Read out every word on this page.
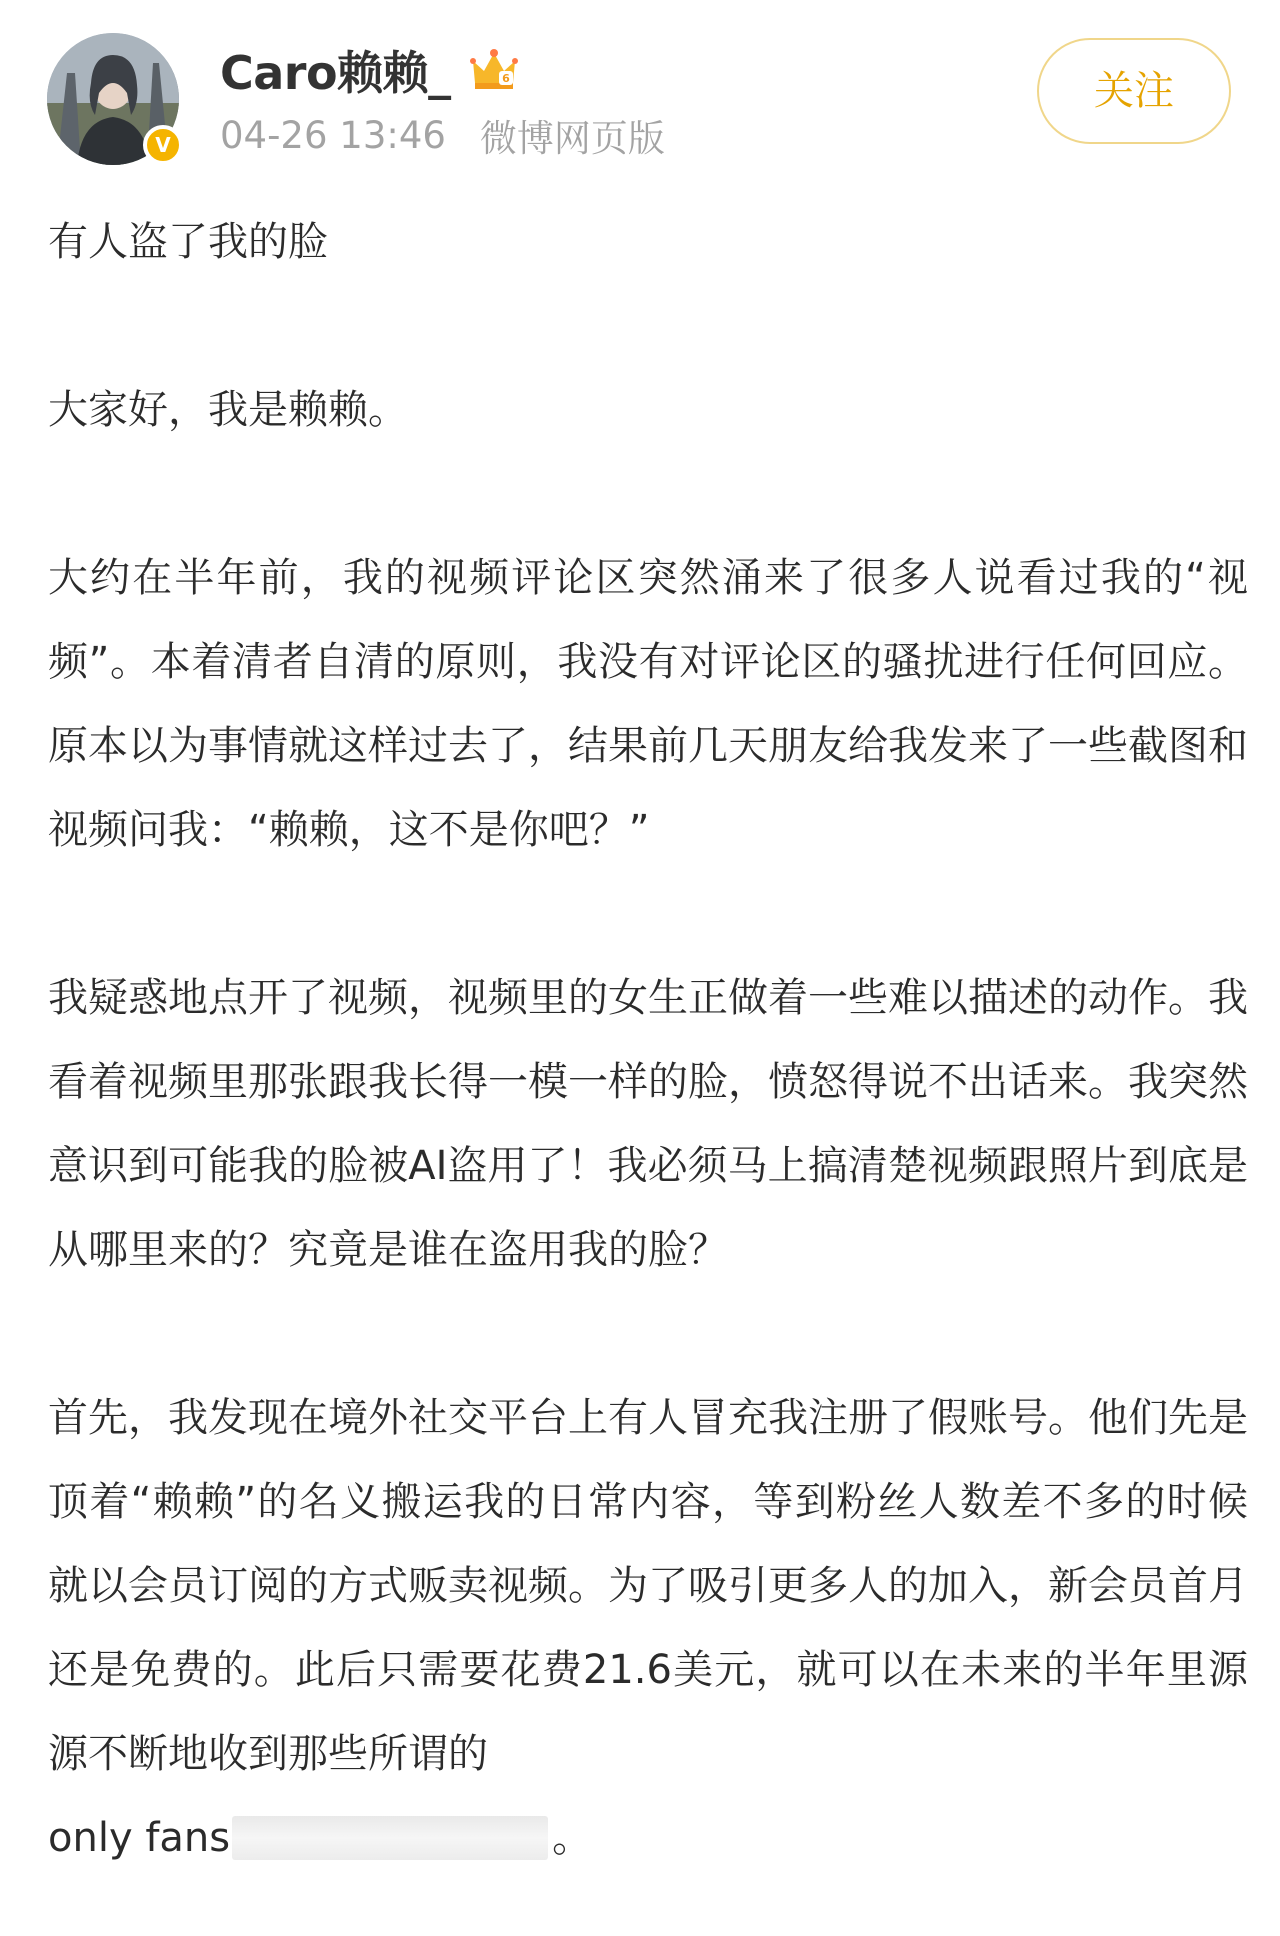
V
Caro赖赖_	6
04-26 13:46 微博网页版
关注

有人盗了我的脸

大家好，我是赖赖。

大约在半年前，我的视频评论区突然涌来了很多人说看过我的“视频”。本着清者自清的原则，我没有对评论区的骚扰进行任何回应。原本以为事情就这样过去了，结果前几天朋友给我发来了一些截图和视频问我：“赖赖，这不是你吧？”

我疑惑地点开了视频，视频里的女生正做着一些难以描述的动作。我看着视频里那张跟我长得一模一样的脸，愤怒得说不出话来。我突然意识到可能我的脸被AI盗用了！我必须马上搞清楚视频跟照片到底是从哪里来的？究竟是谁在盗用我的脸？

首先，我发现在境外社交平台上有人冒充我注册了假账号。他们先是顶着“赖赖”的名义搬运我的日常内容，等到粉丝人数差不多的时候就以会员订阅的方式贩卖视频。为了吸引更多人的加入，新会员首月还是免费的。此后只需要花费21.6美元，就可以在未来的半年里源源不断地收到那些所谓的

only fans	。
